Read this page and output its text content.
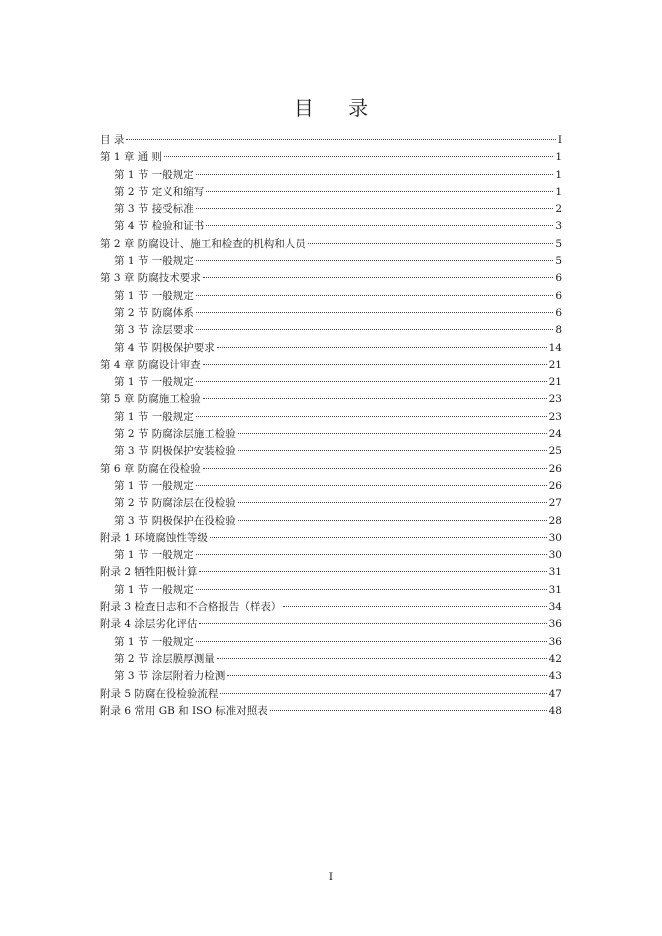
目 录
目 录	I
第 1 章 通 则	1
第 1 节 一般规定	1
第 2 节 定义和缩写	1
第 3 节 接受标准	2
第 4 节 检验和证书	3
第 2 章 防腐设计、施工和检查的机构和人员	5
第 1 节 一般规定	5
第 3 章 防腐技术要求	6
第 1 节 一般规定	6
第 2 节 防腐体系	6
第 3 节 涂层要求	8
第 4 节 阴极保护要求	14
第 4 章 防腐设计审查	21
第 1 节 一般规定	21
第 5 章 防腐施工检验	23
第 1 节 一般规定	23
第 2 节 防腐涂层施工检验	24
第 3 节 阴极保护安装检验	25
第 6 章 防腐在役检验	26
第 1 节 一般规定	26
第 2 节 防腐涂层在役检验	27
第 3 节 阴极保护在役检验	28
附录 1 环境腐蚀性等级	30
第 1 节 一般规定	30
附录 2 牺牲阳极计算	31
第 1 节 一般规定	31
附录 3 检查日志和不合格报告（样表）	34
附录 4 涂层劣化评估	36
第 1 节 一般规定	36
第 2 节 涂层膜厚测量	42
第 3 节 涂层附着力检测	43
附录 5 防腐在役检验流程	47
附录 6 常用 GB 和 ISO 标准对照表	48
I
